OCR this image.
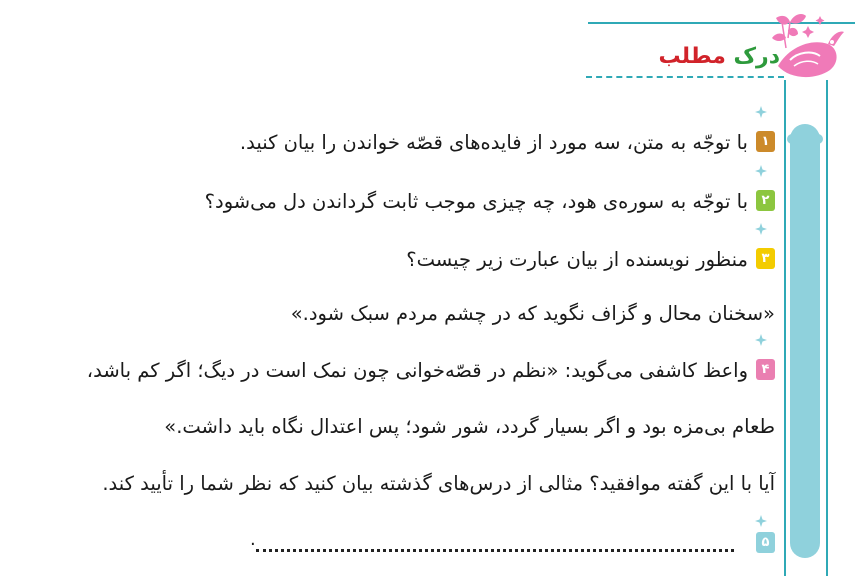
درک مطلب
۱با توجّه به متن، سه مورد از فایده‌های قصّه خواندن را بیان کنید.
۲با توجّه به سوره‌ی هود، چه چیزی موجب ثابت گرداندن دل می‌شود؟
۳منظور نویسنده از بیان عبارت زیر چیست؟
«سخنان محال و گزاف نگوید که در چشم مردم سبک شود.»
۴واعظ کاشفی می‌گوید: «نظم در قصّه‌خوانی چون نمک است در دیگ؛ اگر کم باشد،
طعام بی‌مزه بود و اگر بسیار گردد، شور شود؛ پس اعتدال نگاه باید داشت.»
آیا با این گفته موافقید؟ مثالی از درس‌های گذشته بیان کنید که نظر شما را تأیید کند.
۵
.
